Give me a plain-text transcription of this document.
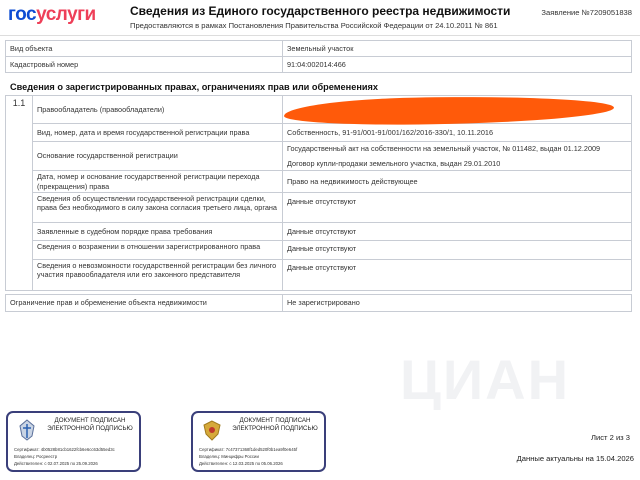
госуслуги	Сведения из Единого государственного реестра недвижимости
Предоставляются в рамках Постановления Правительства Российской Федерации от 24.10.2011 № 861
Заявление №7209051838
ЦИАН
Вид объекта	Земельный участок
Кадастровый номер	91:04:002014:466
Сведения о зарегистрированных правах, ограничениях прав или обременениях
1.1	Правообладатель (правообладатели)	
	Вид, номер, дата и время государственной регистрации права	Собственность, 91-91/001-91/001/162/2016-330/1, 10.11.2016
	Основание государственной регистрации	Государственный акт на собственности на земельный участок, № 011482, выдан 01.12.2009
Договор купли-продажи земельного участка, выдан 29.01.2010

	Дата, номер и основание государственной регистрации перехода (прекращения) права	Право на недвижимость действующее
	Сведения об осуществлении государственной регистрации сделки, права без необходимого в силу закона согласия третьего лица, органа	Данные отсутствуют
	Заявленные в судебном порядке права требования	Данные отсутствуют
	Сведения о возражении в отношении зарегистрированного права	Данные отсутствуют
	Сведения о невозможности государственной регистрации без личного участия правообладателя или его законного представителя	Данные отсутствуют
Ограничение прав и обременение объекта недвижимости	Не зарегистрировано
ДОКУМЕНТ ПОДПИСАН ЭЛЕКТРОННОЙ ПОДПИСЬЮ
Сертификат: 4b0528b81cb1622fcb6e6cc63d55ed3c
Владелец: Росреестр
Действителен: с 02.07.2025 по 25.09.2026
ДОКУМЕНТ ПОДПИСАН ЭЛЕКТРОННОЙ ПОДПИСЬЮ
Сертификат: 7c47371368f1ded520f0b1ea9f0e645f
Владелец: Минцифры России
Действителен: с 12.03.2025 по 05.06.2026
Лист 2 из 3
Данные актуальны на 15.04.2026
